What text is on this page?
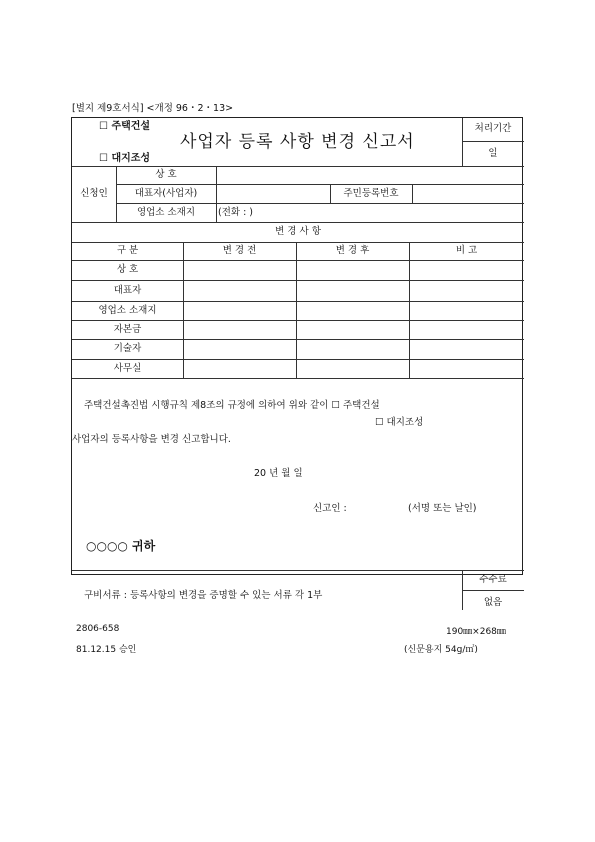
[별지 제9호서식] <개정 96・2・13>
☐ 주택건설
☐ 대지조성
사업자 등록 사항 변경 신고서
처리기간
일
신청인
상 호
대표자(사업자)	주민등록번호
영업소 소재지	(전화 : )
변 경 사 항
구 분	변 경 전	변 경 후	비 고
상 호
대표자
영업소 소재지
자본금
기술자
사무실
주택건설촉진법 시행규칙 제8조의 규정에 의하여 위와 같이 ☐ 주택건설
☐ 대지조성
사업자의 등록사항을 변경 신고합니다.
20 년 월 일
신고인 :	(서명 또는 날인)
○○○○ 귀하
구비서류 : 등록사항의 변경을 증명할 수 있는 서류 각 1부
수수료
없음
2806-658	190㎜×268㎜
81.12.15 승인	(신문용지 54g/㎡)
